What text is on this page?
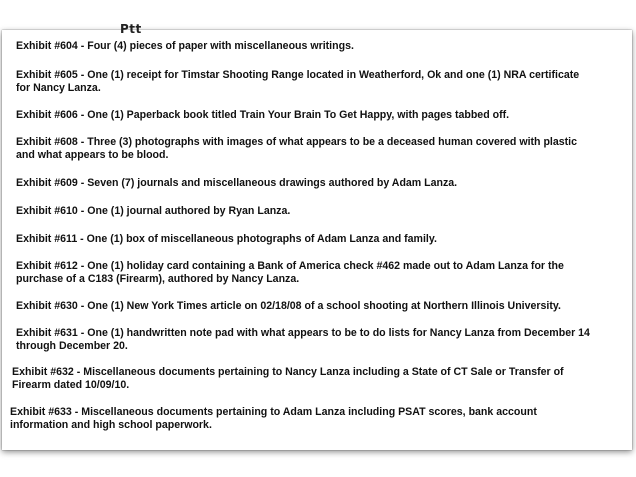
Ptt
Exhibit #604 - Four (4) pieces of paper with miscellaneous writings.
Exhibit #605 - One (1) receipt for Timstar Shooting Range located in Weatherford, Ok and one (1) NRA certificate
for Nancy Lanza.
Exhibit #606 - One (1) Paperback book titled Train Your Brain To Get Happy, with pages tabbed off.
Exhibit #608 - Three (3) photographs with images of what appears to be a deceased human covered with plastic
and what appears to be blood.
Exhibit #609 - Seven (7) journals and miscellaneous drawings authored by Adam Lanza.
Exhibit #610 - One (1) journal authored by Ryan Lanza.
Exhibit #611 - One (1) box of miscellaneous photographs of Adam Lanza and family.
Exhibit #612 - One (1) holiday card containing a Bank of America check #462 made out to Adam Lanza for the
purchase of a C183 (Firearm), authored by Nancy Lanza.
Exhibit #630 - One (1) New York Times article on 02/18/08 of a school shooting at Northern Illinois University.
Exhibit #631 - One (1) handwritten note pad with what appears to be to do lists for Nancy Lanza from December 14
through December 20.
Exhibit #632 - Miscellaneous documents pertaining to Nancy Lanza including a State of CT Sale or Transfer of
Firearm dated 10/09/10.
Exhibit #633 - Miscellaneous documents pertaining to Adam Lanza including PSAT scores, bank account
information and high school paperwork.
